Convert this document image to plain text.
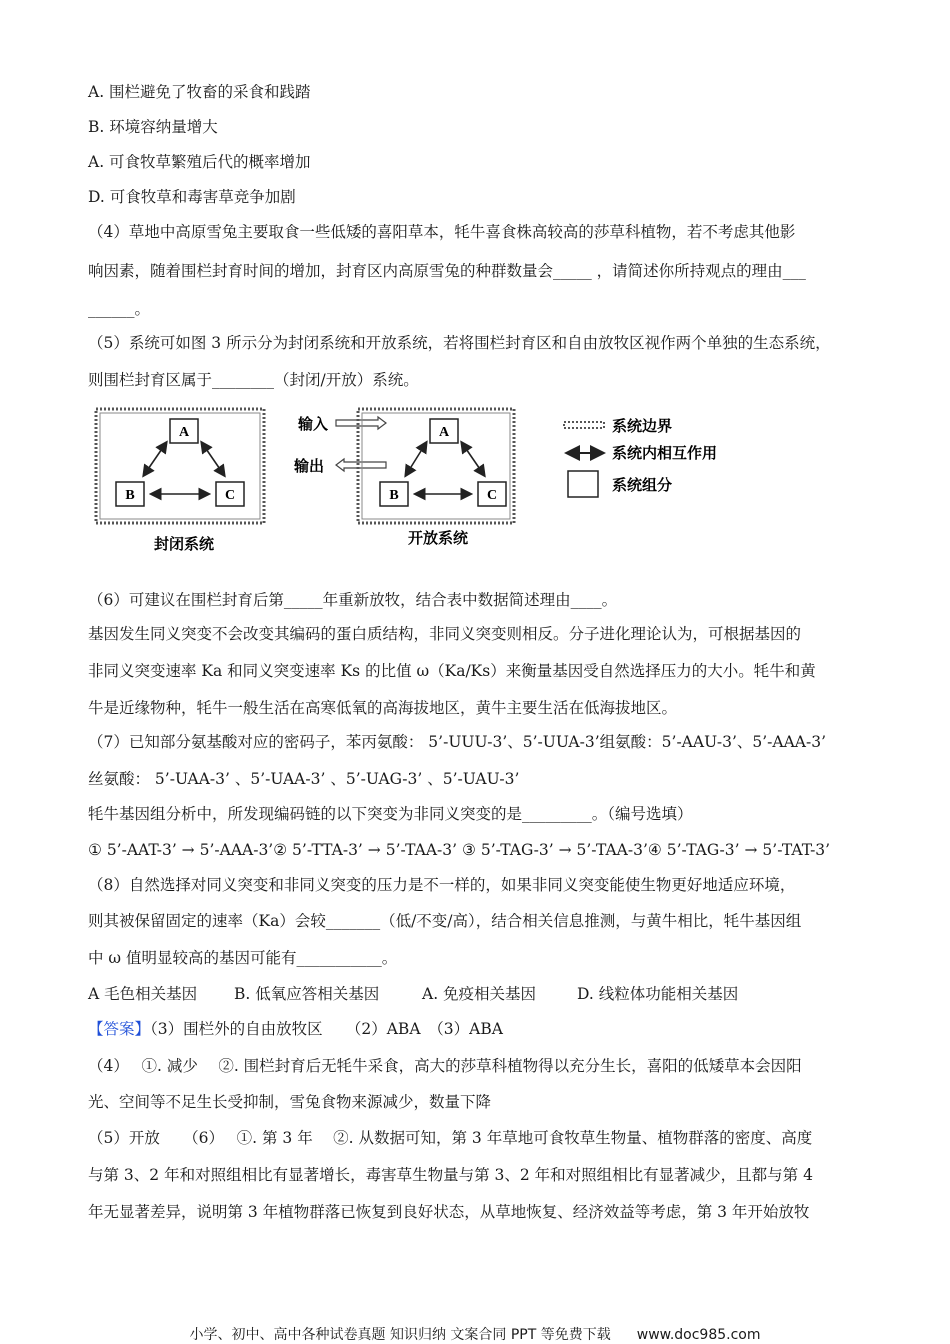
A. 围栏避免了牧畜的采食和践踏
B. 环境容纳量增大
A. 可食牧草繁殖后代的概率增加
D. 可食牧草和毒害草竞争加剧
（4）草地中高原雪兔主要取食一些低矮的喜阳草本，牦牛喜食株高较高的莎草科植物，若不考虑其他影
响因素，随着围栏封育时间的增加，封育区内高原雪兔的种群数量会_____ ，请简述你所持观点的理由___
______。
（5）系统可如图 3 所示分为封闭系统和开放系统，若将围栏封育区和自由放牧区视作两个单独的生态系统，
则围栏封育区属于________（封闭/开放）系统。
A
B	C
封闭系统
输入
输出
A
B	C
开放系统
系统边界
系统内相互作用
系统组分
（6）可建议在围栏封育后第_____年重新放牧，结合表中数据简述理由____。
基因发生同义突变不会改变其编码的蛋白质结构，非同义突变则相反。分子进化理论认为，可根据基因的
非同义突变速率 Ka 和同义突变速率 Ks 的比值 ω（Ka/Ks）来衡量基因受自然选择压力的大小。牦牛和黄
牛是近缘物种，牦牛一般生活在高寒低氧的高海拔地区，黄牛主要生活在低海拔地区。
（7）已知部分氨基酸对应的密码子，苯丙氨酸： 5’-UUU-3’、5’-UUA-3’组氨酸：5’-AAU-3’、5’-AAA-3’
丝氨酸： 5’-UAA-3’ 、5’-UAA-3’ 、5’-UAG-3’ 、5’-UAU-3’
牦牛基因组分析中，所发现编码链的以下突变为非同义突变的是_________。（编号选填）
① 5’-AAT-3’ → 5’-AAA-3’② 5’-TTA-3’ → 5’-TAA-3’ ③ 5’-TAG-3’ → 5’-TAA-3’④ 5’-TAG-3’ → 5’-TAT-3’
（8）自然选择对同义突变和非同义突变的压力是不一样的，如果非同义突变能使生物更好地适应环境，
则其被保留固定的速率（Ka）会较_______（低/不变/高），结合相关信息推测，与黄牛相比，牦牛基因组
中 ω 值明显较高的基因可能有___________。
A 毛色相关基因 B. 低氧应答相关基因	A. 免疫相关基因	D. 线粒体功能相关基因
【答案】（3）围栏外的自由放牧区　　（2）ABA　（3）ABA
（4）　 ①. 减少　 ②. 围栏封育后无牦牛采食，高大的莎草科植物得以充分生长，喜阳的低矮草本会因阳
光、空间等不足生长受抑制，雪兔食物来源减少，数量下降
（5）开放　　（6）　 ①. 第 3 年　 ②. 从数据可知，第 3 年草地可食牧草生物量、植物群落的密度、高度
与第 3、2 年和对照组相比有显著增长，毒害草生物量与第 3、2 年和对照组相比有显著减少，且都与第 4
年无显著差异，说明第 3 年植物群落已恢复到良好状态，从草地恢复、经济效益等考虑，第 3 年开始放牧
小学、初中、高中各种试卷真题 知识归纳 文案合同 PPT 等免费下载 www.doc985.com
